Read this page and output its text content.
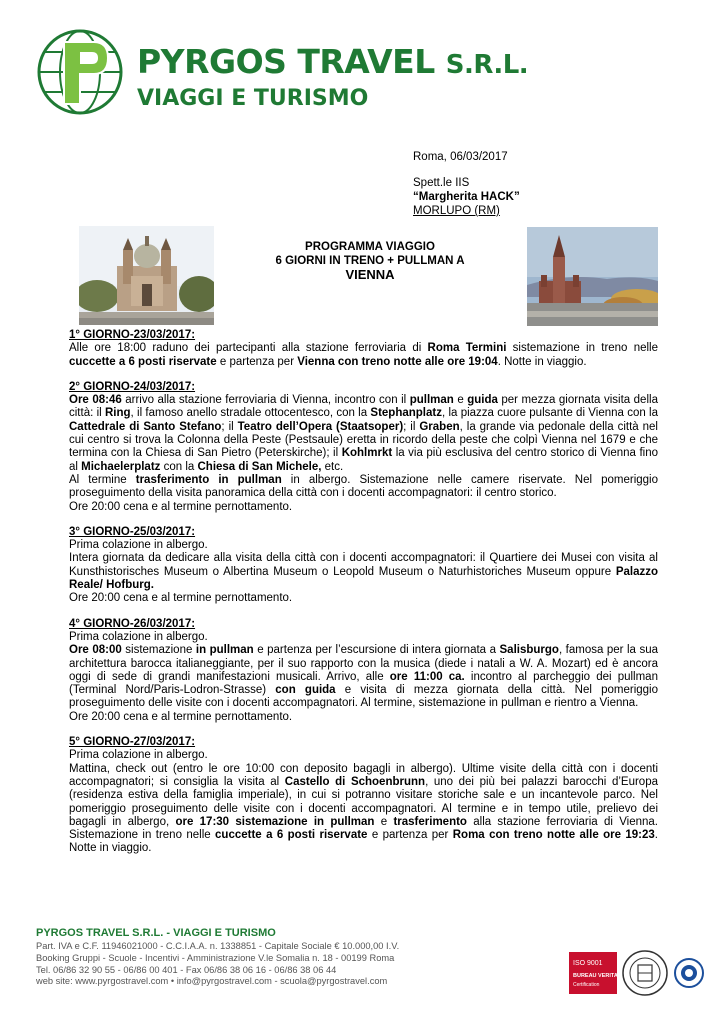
PYRGOS TRAVEL S.R.L.
VIAGGI E TURISMO
Roma, 06/03/2017
Spett.le IIS
“Margherita HACK”
MORLUPO (RM)
PROGRAMMA VIAGGIO
6 GIORNI IN TRENO + PULLMAN A
VIENNA

1° GIORNO-23/03/2017:

Alle ore 18:00 raduno dei partecipanti alla stazione ferroviaria di Roma Termini sistemazione in treno nelle cuccette a 6 posti riservate e partenza per Vienna con treno notte alle ore 19:04. Notte in viaggio.

2° GIORNO-24/03/2017:

Ore 08:46 arrivo alla stazione ferroviaria di Vienna, incontro con il pullman e guida per mezza giornata visita della città: il Ring, il famoso anello stradale ottocentesco, con la Stephanplatz, la piazza cuore pulsante di Vienna con la Cattedrale di Santo Stefano; il Teatro dell’Opera (Staatsoper); il Graben, la grande via pedonale della città nel cui centro si trova la Colonna della Peste (Pestsaule) eretta in ricordo della peste che colpì Vienna nel 1679 e che termina con la Chiesa di San Pietro (Peterskirche); il Kohlmrkt la via più esclusiva del centro storico di Vienna fino al Michaelerplatz con la Chiesa di San Michele, etc.

Al termine trasferimento in pullman in albergo. Sistemazione nelle camere riservate. Nel pomeriggio proseguimento della visita panoramica della città con i docenti accompagnatori: il centro storico.

Ore 20:00 cena e al termine pernottamento.

3° GIORNO-25/03/2017:

Prima colazione in albergo.

Intera giornata da dedicare alla visita della città con i docenti accompagnatori: il Quartiere dei Musei con visita al Kunsthistorisches Museum o Albertina Museum o Leopold Museum o Naturhistoriches Museum oppure Palazzo Reale/ Hofburg.

Ore 20:00 cena e al termine pernottamento.

4° GIORNO-26/03/2017:

Prima colazione in albergo.

Ore 08:00 sistemazione in pullman e partenza per l’escursione di intera giornata a Salisburgo, famosa per la sua architettura barocca italianeggiante, per il suo rapporto con la musica (diede i natali a W. A. Mozart) ed è ancora oggi di sede di grandi manifestazioni musicali. Arrivo, alle ore 11:00 ca. incontro al parcheggio dei pullman (Terminal Nord/Paris-Lodron-Strasse) con guida e visita di mezza giornata della città. Nel pomeriggio proseguimento delle visite con i docenti accompagnatori. Al termine, sistemazione in pullman e rientro a Vienna.

Ore 20:00 cena e al termine pernottamento.

5° GIORNO-27/03/2017:

Prima colazione in albergo.

Mattina, check out (entro le ore 10:00 con deposito bagagli in albergo). Ultime visite della città con i docenti accompagnatori; si consiglia la visita al Castello di Schoenbrunn, uno dei più bei palazzi barocchi d’Europa (residenza estiva della famiglia imperiale), in cui si potranno visitare storiche sale e un incantevole parco. Nel pomeriggio proseguimento delle visite con i docenti accompagnatori. Al termine e in tempo utile, prelievo dei bagagli in albergo, ore 17:30 sistemazione in pullman e trasferimento alla stazione ferroviaria di Vienna. Sistemazione in treno nelle cuccette a 6 posti riservate e partenza per Roma con treno notte alle ore 19:23. Notte in viaggio.

PYRGOS TRAVEL S.R.L. - VIAGGI E TURISMO
Part. IVA e C.F. 11946021000 - C.C.I.A.A. n. 1338851 - Capitale Sociale € 10.000,00 I.V.
Booking Gruppi - Scuole - Incentivi - Amministrazione V.le Somalia n. 18 - 00199 Roma
Tel. 06/86 32 90 55 - 06/86 00 401 - Fax 06/86 38 06 16 - 06/86 38 06 44
web site: www.pyrgostravel.com • info@pyrgostravel.com - scuola@pyrgostravel.com
ISO 9001
BUREAU VERITAS
Certification
